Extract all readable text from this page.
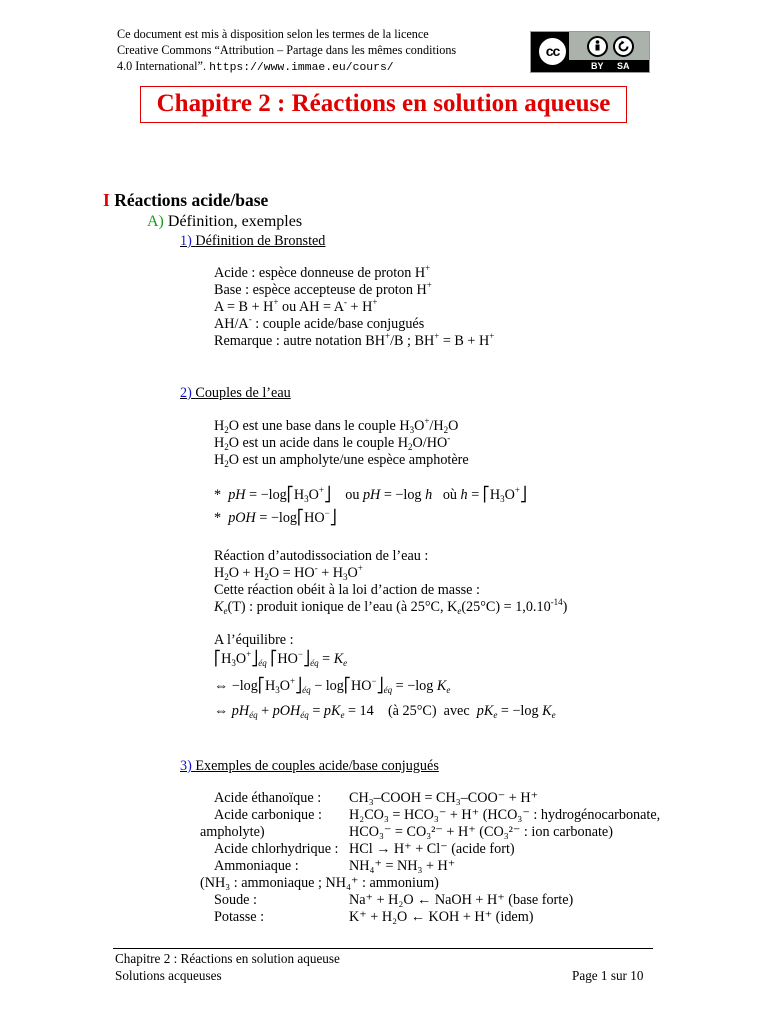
Ce document est mis à disposition selon les termes de la licence
Creative Commons “Attribution – Partage dans les mêmes conditions
4.0 International”. https://www.immae.eu/cours/
cc
BY SA
Chapitre 2 : Réactions en solution aqueuse
I Réactions acide/base
A) Définition, exemples
1) Définition de Bronsted
Acide : espèce donneuse de proton H+
Base : espèce accepteuse de proton H+
A = B + H+ ou AH = A- + H+
AH/A- : couple acide/base conjugués
Remarque : autre notation BH+/B ; BH+ = B + H+
2) Couples de l’eau
$H_2O$ est une base dans le couple $H_3O^+/H_2O$
$H_2O$ est un acide dans le couple $H_2O/HO^-$
$H_2O$ est un ampholyte/une espèce amphotère
*  pH = $-\log⎡H_3O^+⎦$    ou pH = −log h où $h = ⎡H_3O^+⎦$
*  pOH = −log⎡HO−⎦
Réaction d’autodissociation de l’eau :
$H_2O + H_2O = HO^- + H_3O^+$
Cette réaction obéit à la loi d’action de masse :
$K_e(T)$ : produit ionique de l’eau (à 25°C, $K_e(25^\circ C) = 1,0.10^{-14}$)
A l’équilibre :
$⎡H_3O^+⎦_{éq}$ $⎡HO^-⎦_{éq} = K_e$
⇔ $-\log⎡H_3O^+⎦_{éq}$ − $\log⎡HO^-⎦_{éq} = -\log$ $K_e$
⇔ $pH_{éq} + pOH_{éq} = pK_e = 14$    (à 25°C) avec $pK_e = -\log$ $K_e$
3) Exemples de couples acide/base conjugués
Acide éthanoïque : CH₃–COOH = CH₃–COO⁻ + H⁺
Acide carbonique : H₂CO₃ = HCO₃⁻ + H⁺ (HCO₃⁻ : hydrogénocarbonate,
ampholyte)	HCO₃⁻ = CO₃²⁻ + H⁺ (CO₃²⁻ : ion carbonate)
Acide chlorhydrique : HCl → H⁺ + Cl⁻ (acide fort)
Ammoniaque :	NH₄⁺ = NH₃ + H⁺
(NH₃ : ammoniaque ; NH₄⁺ : ammonium)
Soude :	Na⁺ + H₂O ← NaOH + H⁺ (base forte)
Potasse :	K⁺ + H₂O ← KOH + H⁺ (idem)
Chapitre 2 : Réactions en solution aqueuse
Solutions acqueuses	Page 1 sur 10
